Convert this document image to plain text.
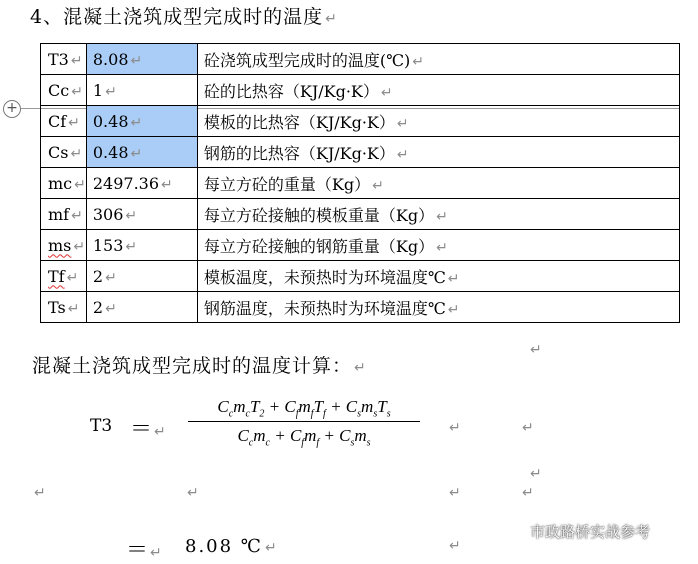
4、混凝土浇筑成型完成时的温度 ↵
+
T3 ↵	8.08 ↵	砼浇筑成型完成时的温度(℃) ↵
Cc ↵	1 ↵	砼的比热容（KJ/Kg·K） ↵
Cf ↵	0.48 ↵	模板的比热容（KJ/Kg·K） ↵
Cs ↵	0.48 ↵	钢筋的比热容（KJ/Kg·K） ↵
mc ↵	2497.36 ↵	每立方砼的重量（Kg） ↵
mf ↵	306 ↵	每立方砼接触的模板重量（Kg） ↵
ms ↵	153 ↵	每立方砼接触的钢筋重量（Kg） ↵
Tf ↵	2 ↵	模板温度，未预热时为环境温度℃ ↵
Ts ↵	2 ↵	钢筋温度，未预热时为环境温度℃ ↵
混凝土浇筑成型完成时的温度计算： ↵
↵
T3 ＝ ↵
$C_cm_cT_2 + C_fm_fT_f + C_sm_sT_s$
$C_cm_c + C_fm_f + C_sm_s$
↵	↵
↵	↵	↵	↵
↵
＝ ↵ 8.08 ℃ ↵	↵
市政路桥实战参考
